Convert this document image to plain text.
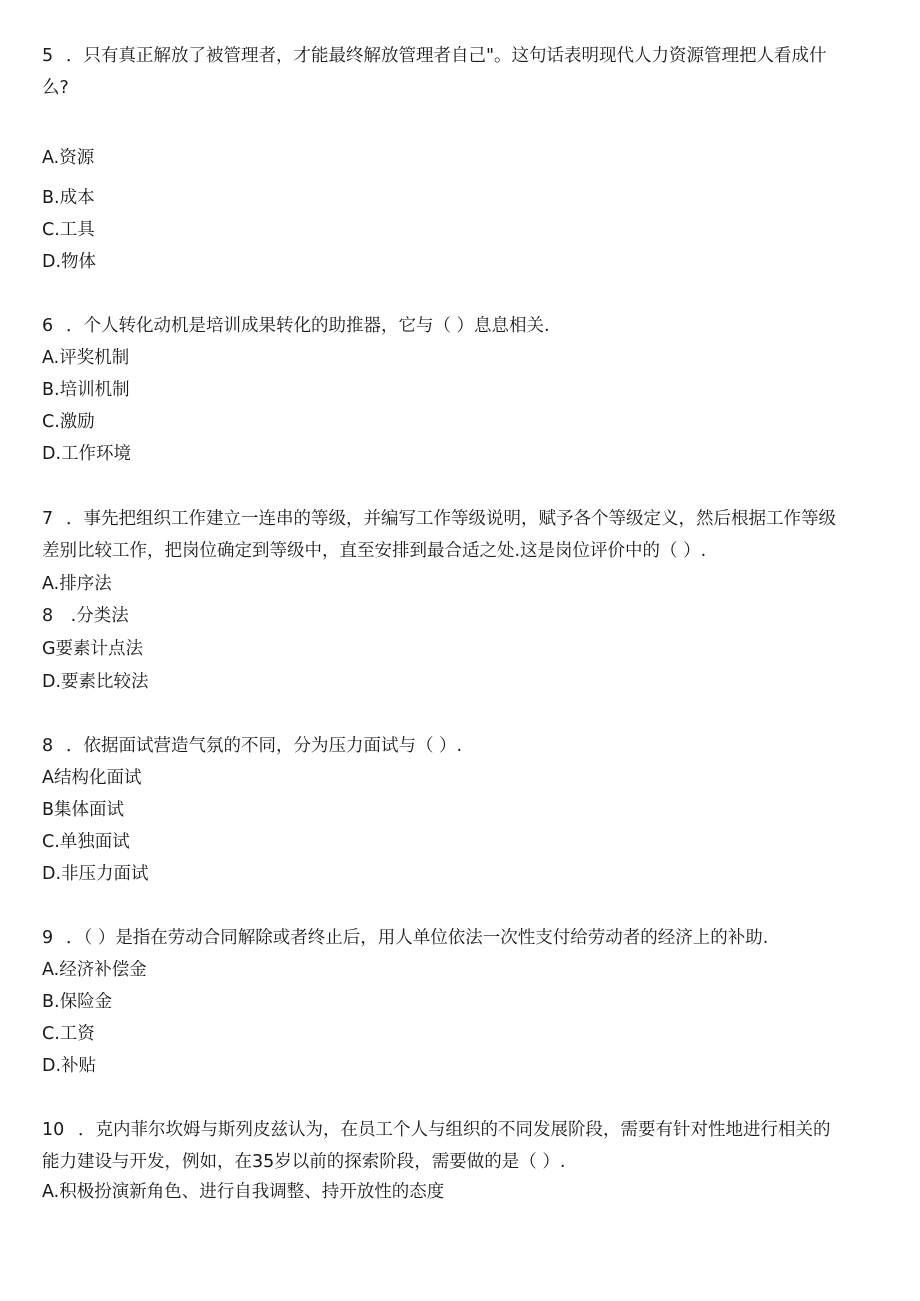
5 ．只有真正解放了被管理者，才能最终解放管理者自己"。这句话表明现代人力资源管理把人看成什
么?
A.资源
B.成本
C.工具
D.物体
6 ．个人转化动机是培训成果转化的助推器，它与（ ）息息相关.
A.评奖机制
B.培训机制
C.激励
D.工作环境
7 ．事先把组织工作建立一连串的等级，并编写工作等级说明，赋予各个等级定义，然后根据工作等级
差别比较工作，把岗位确定到等级中，直至安排到最合适之处.这是岗位评价中的（ ）.
A.排序法
8　.分类法
G要素计点法
D.要素比较法
8 ．依据面试营造气氛的不同，分为压力面试与（ ）.
A结构化面试
B集体面试
C.单独面试
D.非压力面试
9 ．（ ）是指在劳动合同解除或者终止后，用人单位依法一次性支付给劳动者的经济上的补助.
A.经济补偿金
B.保险金
C.工资
D.补贴
10 ．克内菲尔坎姆与斯列皮兹认为，在员工个人与组织的不同发展阶段，需要有针对性地进行相关的
能力建设与开发，例如，在35岁以前的探索阶段，需要做的是（ ）.
A.积极扮演新角色、进行自我调整、持开放性的态度
